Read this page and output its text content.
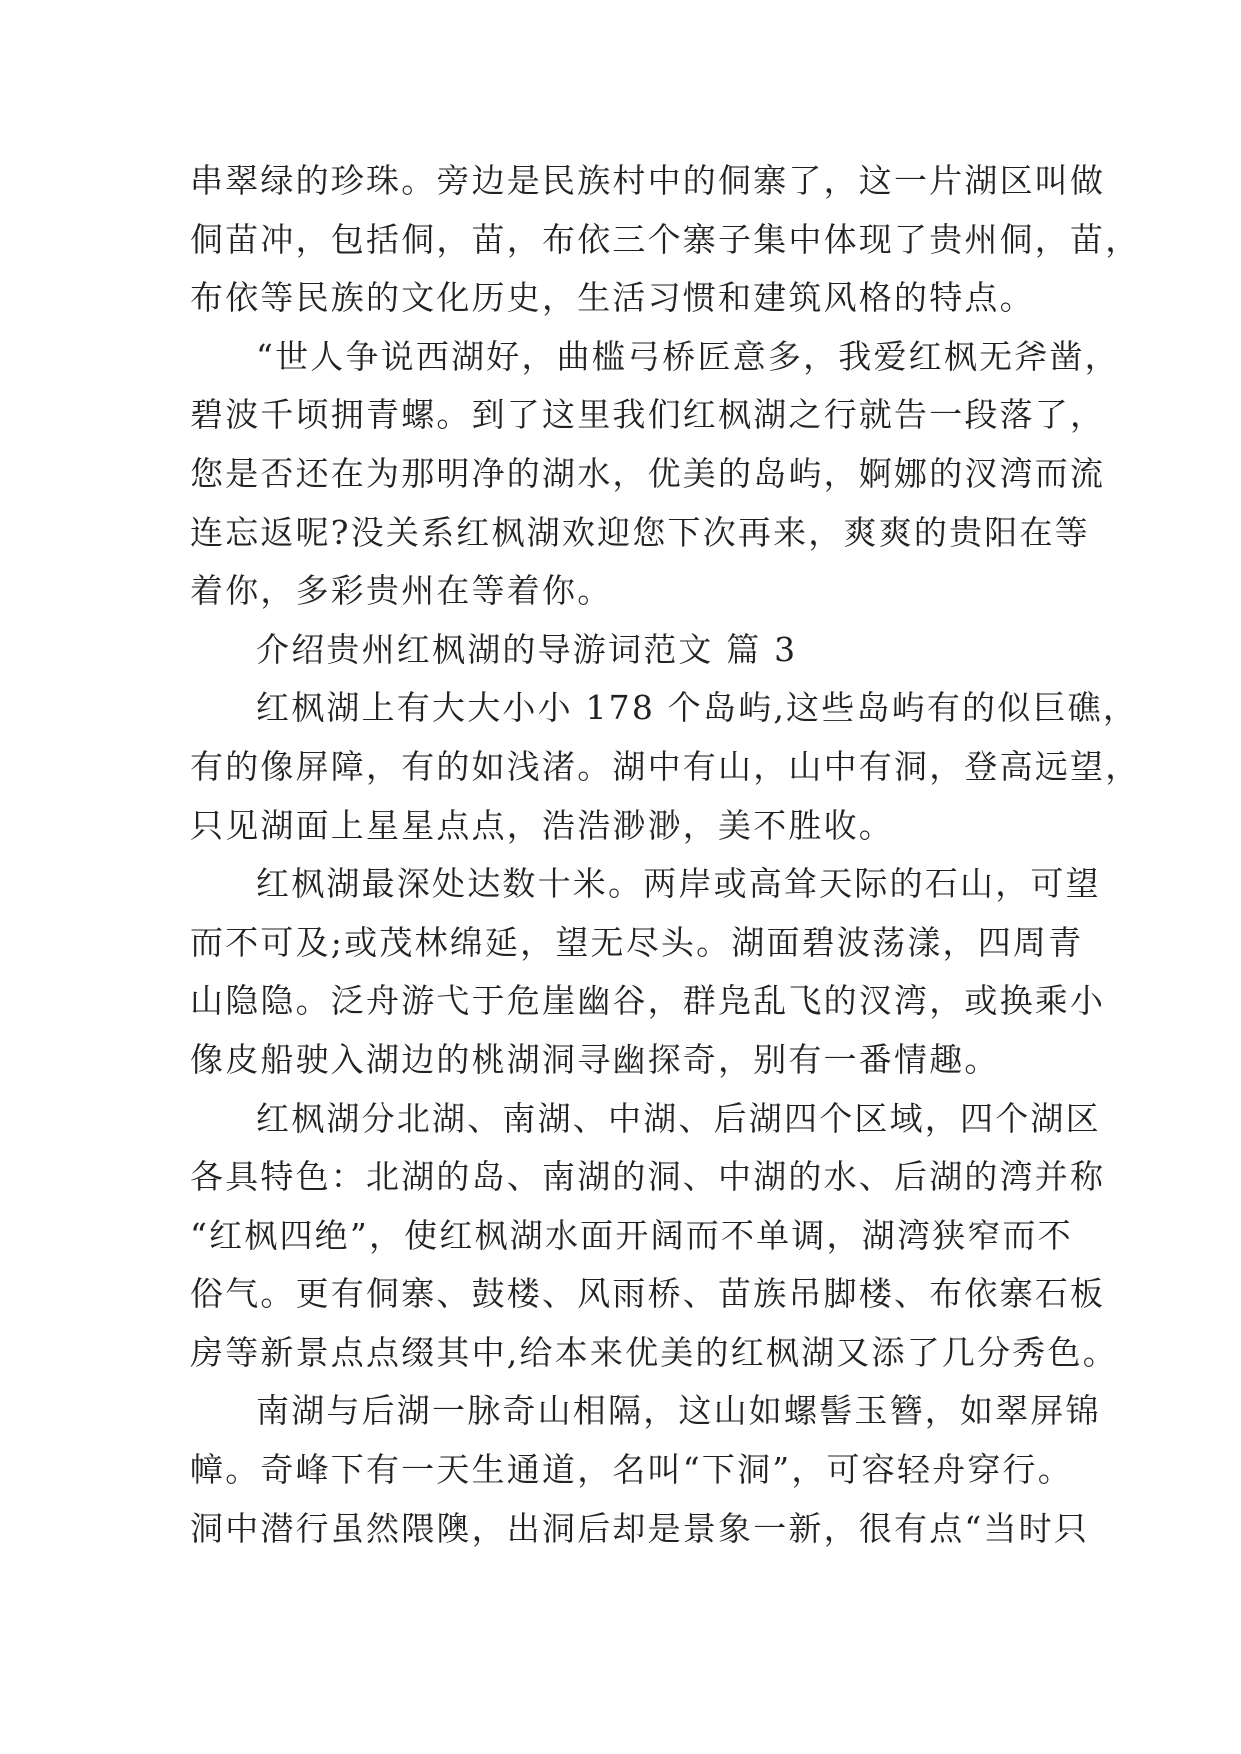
串翠绿的珍珠。旁边是民族村中的侗寨了，这一片湖区叫做
侗苗冲，包括侗，苗，布依三个寨子集中体现了贵州侗，苗，
布依等民族的文化历史，生活习惯和建筑风格的特点。
“世人争说西湖好，曲槛弓桥匠意多，我爱红枫无斧凿，
碧波千顷拥青螺。到了这里我们红枫湖之行就告一段落了，
您是否还在为那明净的湖水，优美的岛屿，婀娜的汊湾而流
连忘返呢?没关系红枫湖欢迎您下次再来，爽爽的贵阳在等
着你，多彩贵州在等着你。
介绍贵州红枫湖的导游词范文 篇 3
红枫湖上有大大小小 178 个岛屿,这些岛屿有的似巨礁，
有的像屏障，有的如浅渚。湖中有山，山中有洞，登高远望，
只见湖面上星星点点，浩浩渺渺，美不胜收。
红枫湖最深处达数十米。两岸或高耸天际的石山，可望
而不可及;或茂林绵延，望无尽头。湖面碧波荡漾，四周青
山隐隐。泛舟游弋于危崖幽谷，群凫乱飞的汊湾，或换乘小
像皮船驶入湖边的桃湖洞寻幽探奇，别有一番情趣。
红枫湖分北湖、南湖、中湖、后湖四个区域，四个湖区
各具特色：北湖的岛、南湖的洞、中湖的水、后湖的湾并称
“红枫四绝”，使红枫湖水面开阔而不单调，湖湾狭窄而不
俗气。更有侗寨、鼓楼、风雨桥、苗族吊脚楼、布依寨石板
房等新景点点缀其中,给本来优美的红枫湖又添了几分秀色。
南湖与后湖一脉奇山相隔，这山如螺髻玉簪，如翠屏锦
幛。奇峰下有一天生通道，名叫“下洞”，可容轻舟穿行。
洞中潜行虽然隈隩，出洞后却是景象一新，很有点“当时只
